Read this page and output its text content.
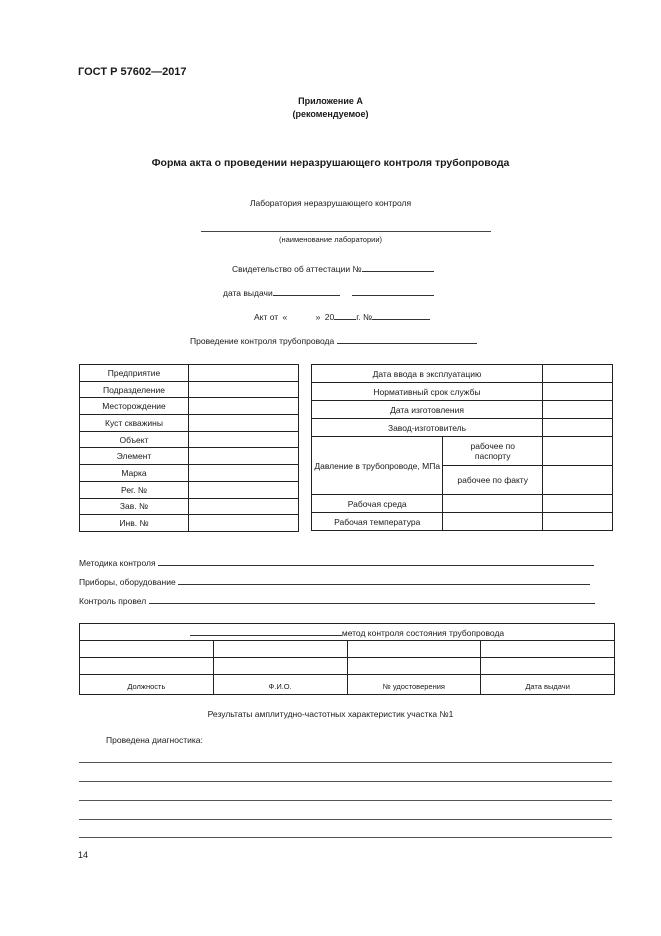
ГОСТ Р 57602—2017
Приложение А
(рекомендуемое)
Форма акта о проведении неразрушающего контроля трубопровода
Лаборатория неразрушающего контроля
(наименование лаборатории)
Свидетельство об аттестации №
дата выдачи
Акт от «	» 20	г. №
Проведение контроля трубопровода
Предприятие	
Подразделение	
Месторождение	
Куст скважины	
Объект	
Элемент	
Марка	
Рег. №	
Зав. №	
Инв. №	
Дата ввода в эксплуатацию		
Нормативный срок службы		
Дата изготовления		
Завод-изготовитель		
Давление в трубопроводе, МПа	рабочее по паспорту	
	рабочее по факту	
Рабочая среда		
Рабочая температура		
Методика контроля
Приборы, оборудование
Контроль провел
метод контроля состояния трубопровода			

Должность	Ф.И.О.	№ удостоверения	Дата выдачи
Результаты амплитудно-частотных характеристик участка №1
Проведена диагностика:
14
